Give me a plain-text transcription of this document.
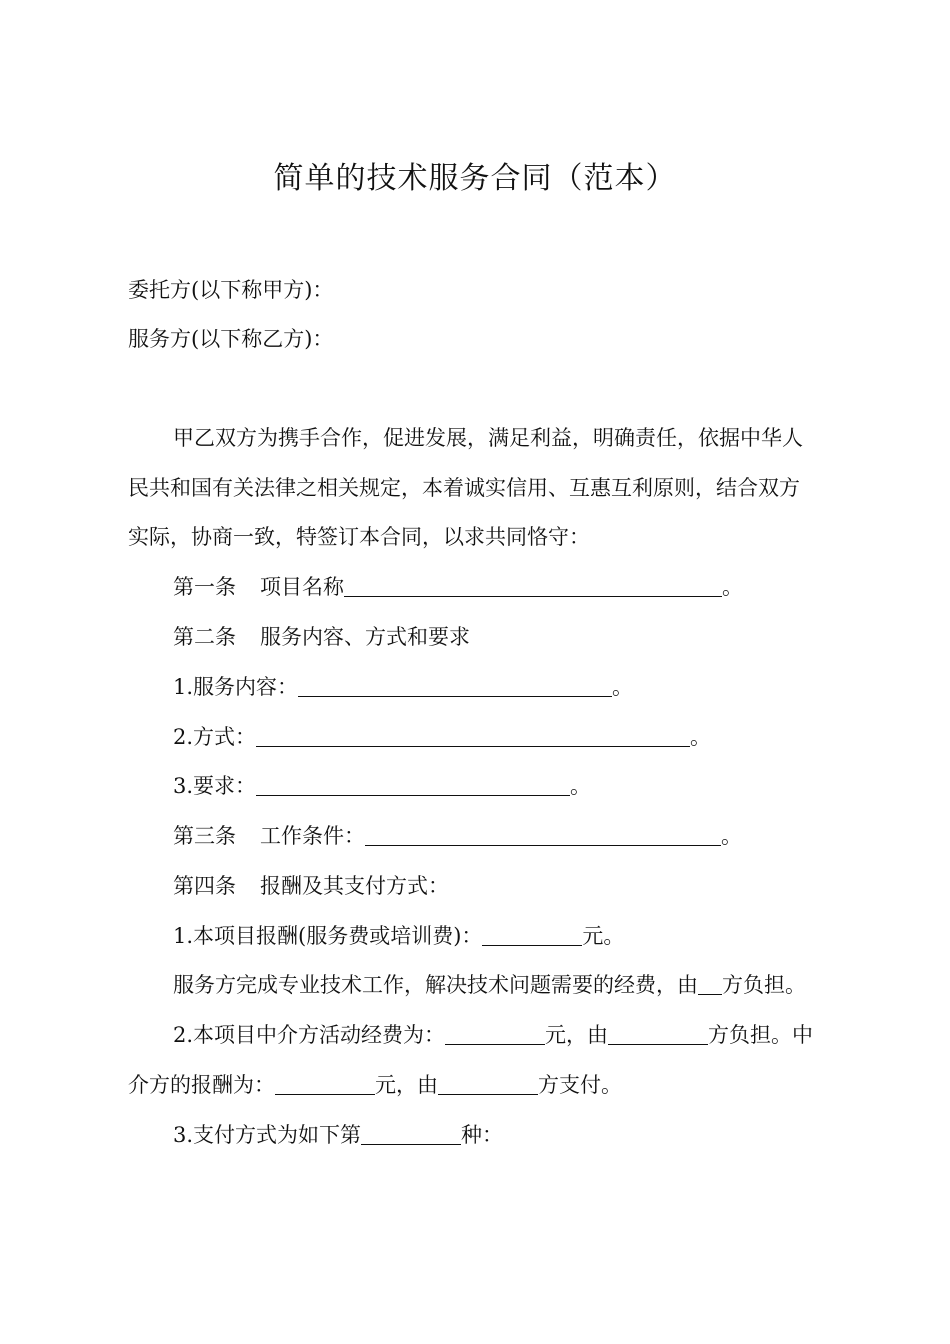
简单的技术服务合同（范本）
委托方(以下称甲方)：
服务方(以下称乙方)：
甲乙双方为携手合作，促进发展，满足利益，明确责任，依据中华人
民共和国有关法律之相关规定，本着诚实信用、互惠互利原则，结合双方
实际，协商一致，特签订本合同，以求共同恪守：
第一条 项目名称	。
第二条 服务内容、方式和要求
1.服务内容：	。
2.方式：	。
3.要求：	。
第三条 工作条件：	。
第四条 报酬及其支付方式：
1.本项目报酬(服务费或培训费)：	元。
服务方完成专业技术工作，解决技术问题需要的经费，由 方负担。
2.本项目中介方活动经费为：	元，由	方负担。中
介方的报酬为：	元，由	方支付。
3.支付方式为如下第	种：
